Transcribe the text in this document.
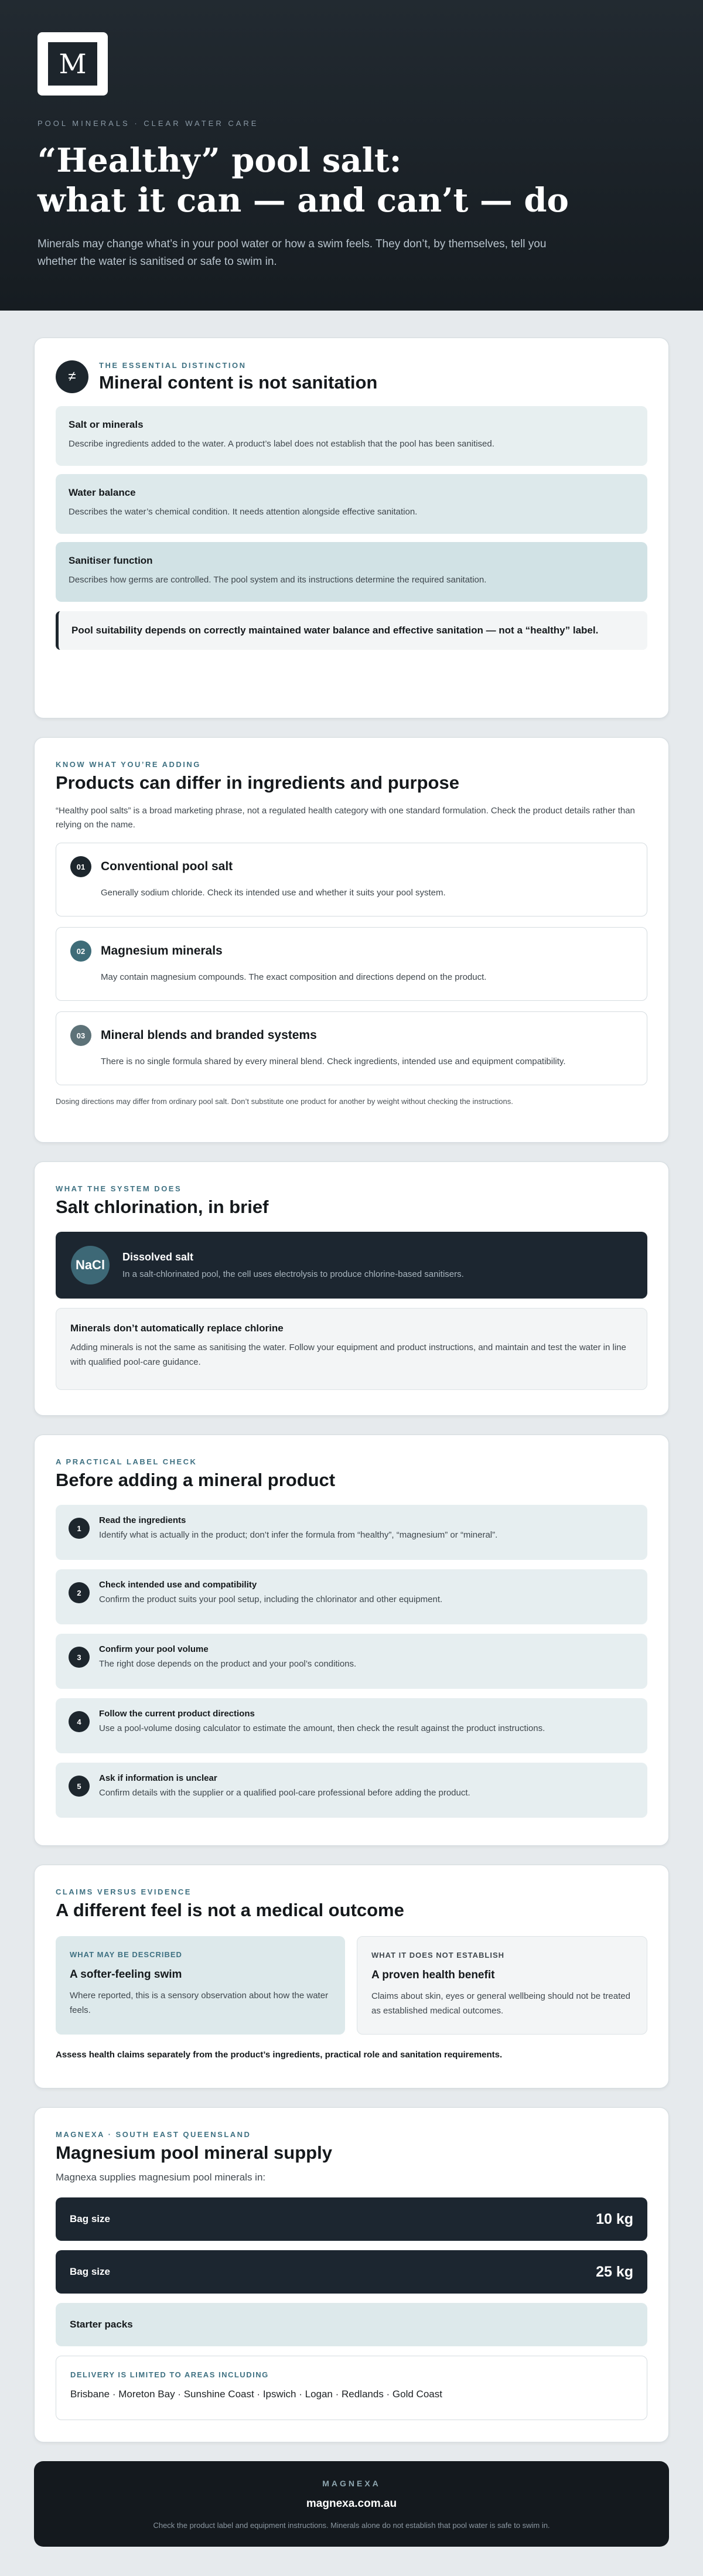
M
POOL MINERALS · CLEAR WATER CARE
“Healthy” pool salt:
what it can — and can’t — do

Minerals may change what’s in your pool water or how a swim feels. They don’t, by themselves, tell you whether the water is sanitised or safe to swim in.

≠
THE ESSENTIAL DISTINCTION
Mineral content is not sanitation
Salt or minerals

Describe ingredients added to the water. A product’s label does not establish that the pool has been sanitised.

Water balance

Describes the water’s chemical condition. It needs attention alongside effective sanitation.

Sanitiser function

Describes how germs are controlled. The pool system and its instructions determine the required sanitation.

Pool suitability depends on correctly maintained water balance and effective sanitation — not a “healthy” label.
KNOW WHAT YOU’RE ADDING
Products can differ in ingredients and purpose

“Healthy pool salts” is a broad marketing phrase, not a regulated health category with one standard formulation. Check the product details rather than relying on the name.

01	Conventional pool salt

Generally sodium chloride. Check its intended use and whether it suits your pool system.

02	Magnesium minerals

May contain magnesium compounds. The exact composition and directions depend on the product.

03	Mineral blends and branded systems

There is no single formula shared by every mineral blend. Check ingredients, intended use and equipment compatibility.

Dosing directions may differ from ordinary pool salt. Don’t substitute one product for another by weight without checking the instructions.

WHAT THE SYSTEM DOES
Salt chlorination, in brief
NaCl
Dissolved salt

In a salt-chlorinated pool, the cell uses electrolysis to produce chlorine-based sanitisers.

Minerals don’t automatically replace chlorine

Adding minerals is not the same as sanitising the water. Follow your equipment and product instructions, and maintain and test the water in line with qualified pool-care guidance.

A PRACTICAL LABEL CHECK
Before adding a mineral product
1
Read the ingredients

Identify what is actually in the product; don’t infer the formula from “healthy”, “magnesium” or “mineral”.

2
Check intended use and compatibility

Confirm the product suits your pool setup, including the chlorinator and other equipment.

3
Confirm your pool volume

The right dose depends on the product and your pool’s conditions.

4
Follow the current product directions

Use a pool-volume dosing calculator to estimate the amount, then check the result against the product instructions.

5
Ask if information is unclear

Confirm details with the supplier or a qualified pool-care professional before adding the product.

CLAIMS VERSUS EVIDENCE
A different feel is not a medical outcome
WHAT MAY BE DESCRIBED
A softer-feeling swim

Where reported, this is a sensory observation about how the water feels.

WHAT IT DOES NOT ESTABLISH
A proven health benefit

Claims about skin, eyes or general wellbeing should not be treated as established medical outcomes.

Assess health claims separately from the product’s ingredients, practical role and sanitation requirements.

MAGNEXA · SOUTH EAST QUEENSLAND
Magnesium pool mineral supply

Magnexa supplies magnesium pool minerals in:

Bag size	10 kg
Bag size	25 kg
Starter packs
DELIVERY IS LIMITED TO AREAS INCLUDING
Brisbane · Moreton Bay · Sunshine Coast · Ipswich · Logan · Redlands · Gold Coast
MAGNEXA
magnexa.com.au
Check the product label and equipment instructions. Minerals alone do not establish that pool water is safe to swim in.
